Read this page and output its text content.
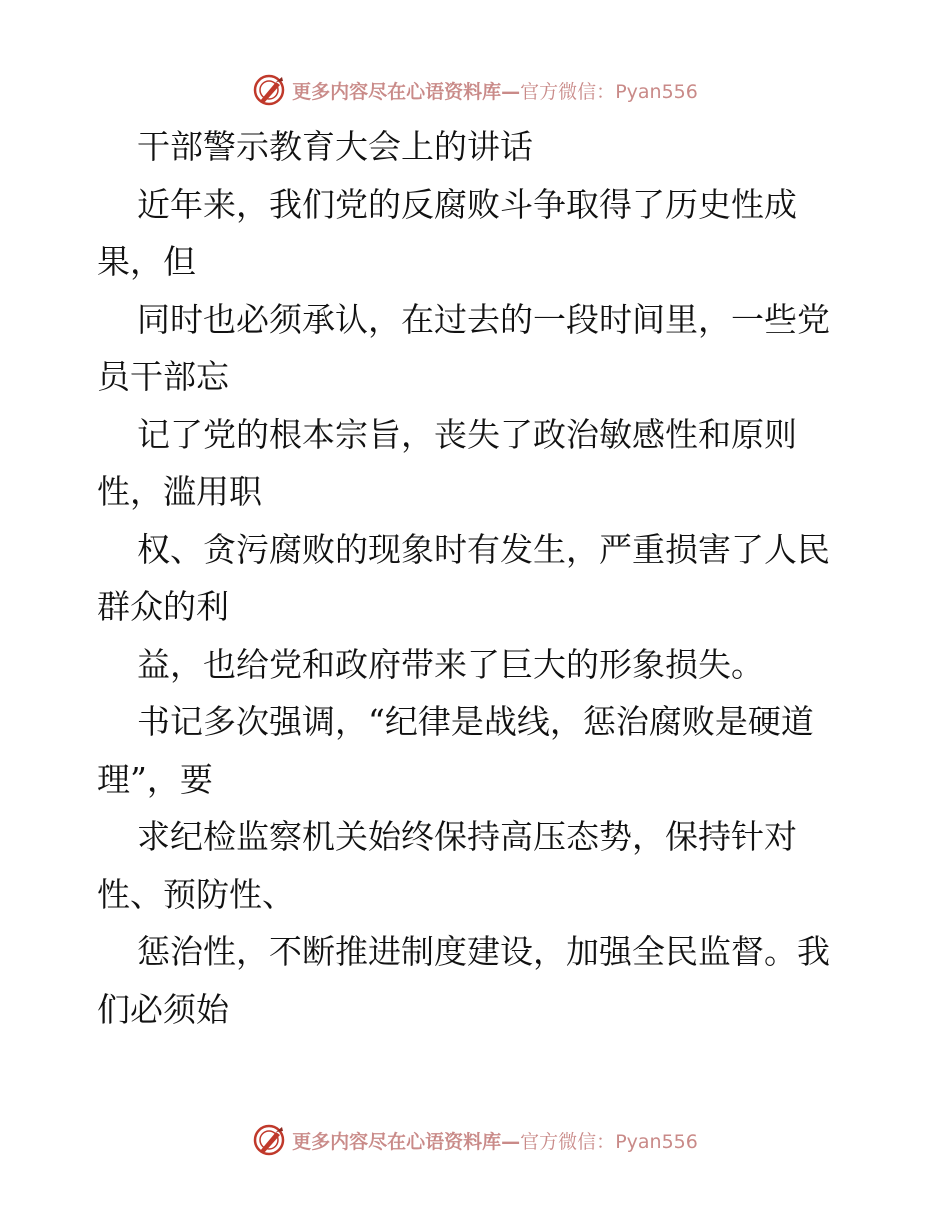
更多内容尽在心语资料库—官方微信：Pyan556
干部警示教育大会上的讲话
近年来，我们党的反腐败斗争取得了历史性成
果，但
同时也必须承认，在过去的一段时间里，一些党
员干部忘
记了党的根本宗旨，丧失了政治敏感性和原则
性，滥用职
权、贪污腐败的现象时有发生，严重损害了人民
群众的利
益，也给党和政府带来了巨大的形象损失。
书记多次强调，“纪律是战线，惩治腐败是硬道
理”，要
求纪检监察机关始终保持高压态势，保持针对
性、预防性、
惩治性，不断推进制度建设，加强全民监督。我
们必须始
更多内容尽在心语资料库—官方微信：Pyan556
